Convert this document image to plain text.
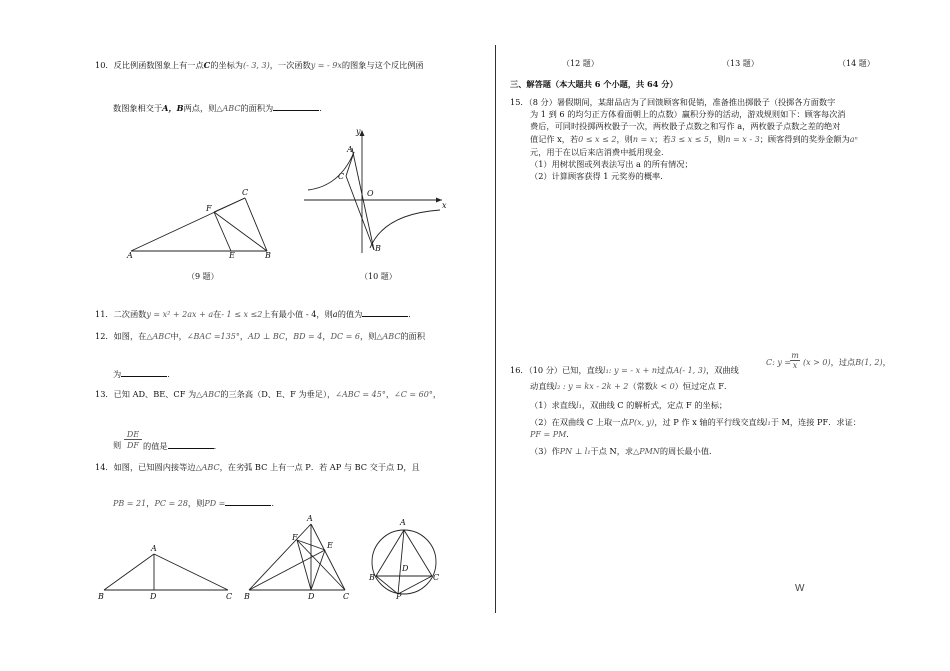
10．反比例函数图象上有一点C的坐标为(- 3, 3)，一次函数y = - 9x的图象与这个反比例函
数图象相交于A，B两点，则△ABC的面积为	.
A	B
C
E
F
（9 题）
y
x
A
B
C
O
（10 题）
11．二次函数y = x² + 2ax + a在- 1 ≤ x ≤2上有最小值 - 4，则a的值为	.
12．如图，在△ABC中，∠BAC =135°，AD ⊥ BC，BD = 4，DC = 6，则△ABC的面积
为	.
13．已知 AD、BE、CF 为△ABC的三条高（D、E、F 为垂足），∠ABC = 45°，∠C = 60°，
DE
DF
则	的值是	.
14．如图，已知圆内接等边△ABC，在劣弧 BC 上有一点 P．若 AP 与 BC 交于点 D，且
PB = 21，PC = 28，则PD =	.
A
B	C
D
A
B	C
D
E
F
A
B	C
D
P
（12 题）	（13 题）	（14 题）
三、解答题（本大题共 6 个小题，共 64 分）
15．（8 分）暑假期间，某甜品店为了回馈顾客和促销，准备推出掷骰子（投掷各方面数字
为 1 到 6 的均匀正方体看面朝上的点数）赢积分券的活动，游戏规则如下：顾客每次消
费后，可同时投掷两枚骰子一次，两枚骰子点数之和写作 a，两枚骰子点数之差的绝对
值记作 x，若0 ≤ x ≤ 2，则n = x；若3 ≤ x ≤ 5，则n = x - 3；顾客得到的奖券金额为aⁿ
元，用于在以后来店消费中抵用现金．
（1）用树状图或列表法写出 a 的所有情况；
（2）计算顾客获得 1 元奖券的概率．
16．（10 分）已知，直线l₁: y = - x + n过点A(- 1, 3)，双曲线
C: y =
m
x (x > 0)，过点B(1, 2)，
动直线l₂ : y = kx - 2k + 2（常数k < 0）恒过定点 F．
（1）求直线l₁，双曲线 C 的解析式，定点 F 的坐标；
（2）在双曲线 C 上取一点P(x, y)，过 P 作 x 轴的平行线交直线l₁于 M，连接 PF．求证：
PF = PM．
（3）作PN ⊥ l₁于点 N，求△PMN的周长最小值.
W
